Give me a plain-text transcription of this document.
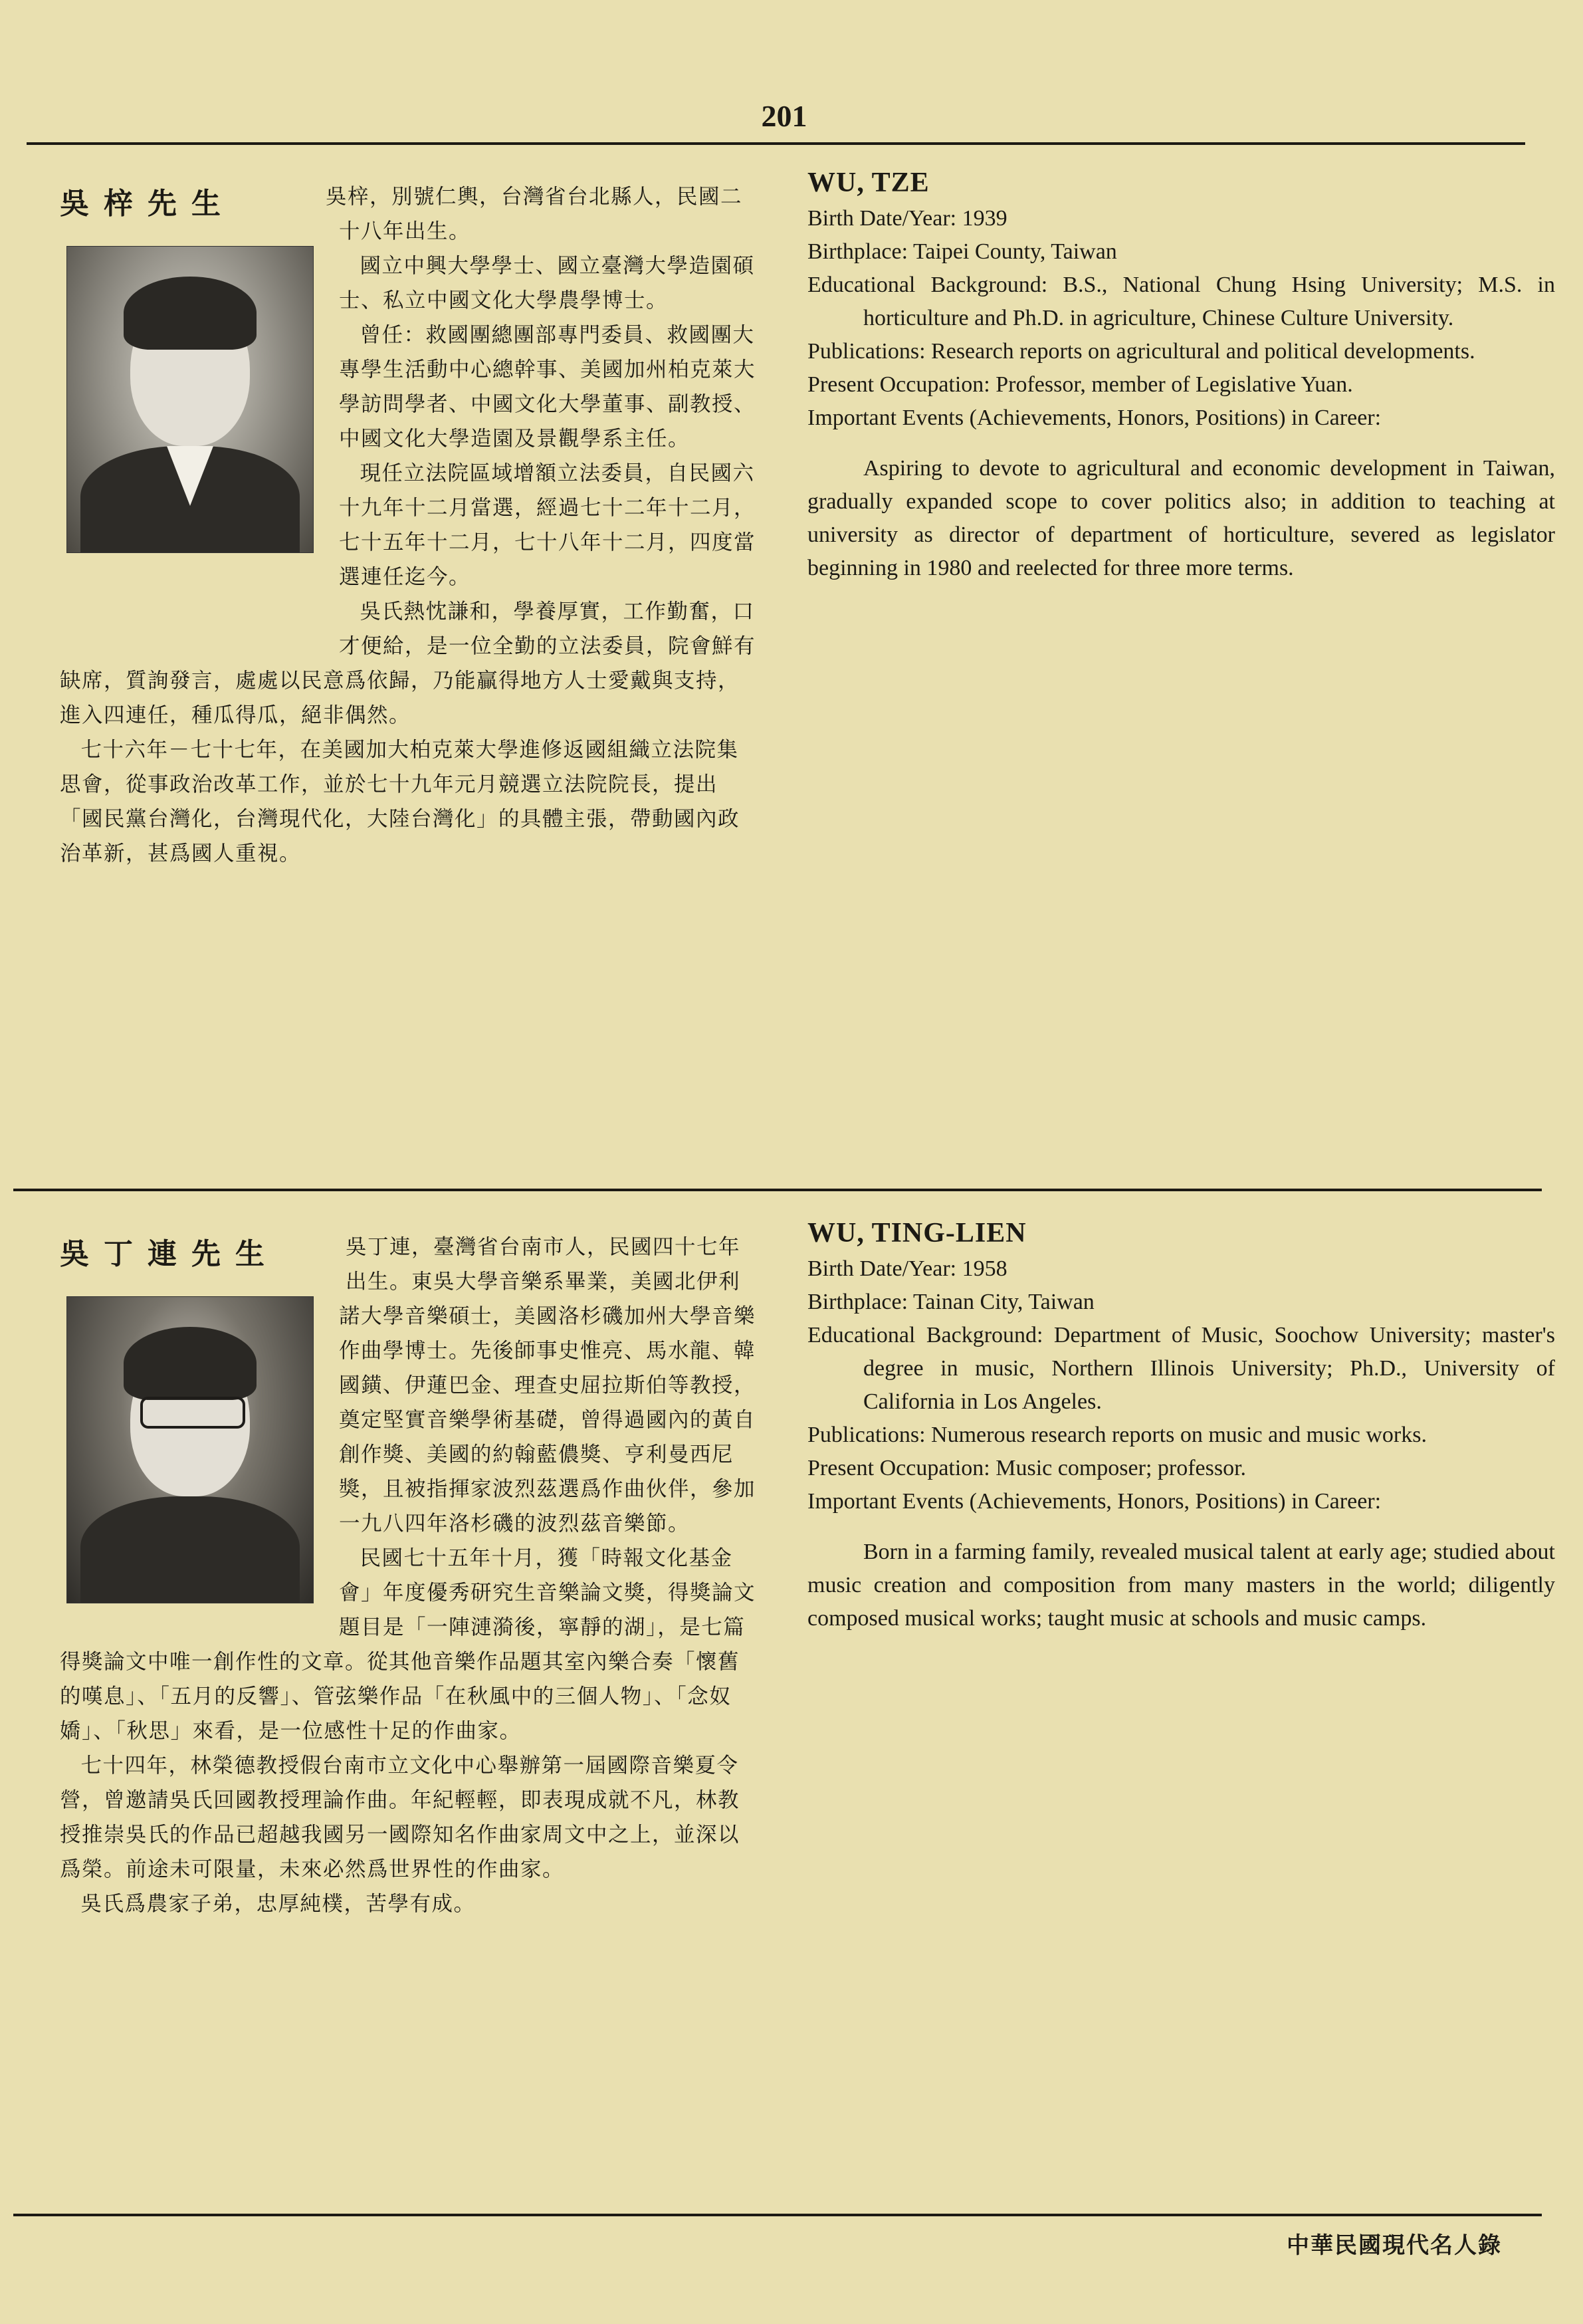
201
吳梓先生	吳梓，別號仁輿，台灣省台北縣人，民國二十八年出生。

國立中興大學學士、國立臺灣大學造園碩士、私立中國文化大學農學博士。

曾任：救國團總團部專門委員、救國團大專學生活動中心總幹事、美國加州柏克萊大學訪問學者、中國文化大學董事、副教授、中國文化大學造園及景觀學系主任。

現任立法院區域增額立法委員，自民國六十九年十二月當選，經過七十二年十二月，七十五年十二月，七十八年十二月，四度當選連任迄今。

吳氏熱忱謙和，學養厚實，工作勤奮，口才便給，是一位全勤的立法委員，院會鮮有缺席，質詢發言，處處以民意爲依歸，乃能贏得地方人士愛戴與支持，進入四連任，種瓜得瓜，絕非偶然。

七十六年－七十七年，在美國加大柏克萊大學進修返國組織立法院集思會，從事政治改革工作，並於七十九年元月競選立法院院長，提出「國民黨台灣化，台灣現代化，大陸台灣化」的具體主張，帶動國內政治革新，甚爲國人重視。

WU, TZE

Birth Date/Year: 1939

Birthplace: Taipei County, Taiwan

Educational Background: B.S., National Chung Hsing University; M.S. in horticulture and Ph.D. in agriculture, Chinese Culture University.

Publications: Research reports on agricultural and political developments.

Present Occupation: Professor, member of Legislative Yuan.

Important Events (Achievements, Honors, Positions) in Career:

Aspiring to devote to agricultural and economic development in Taiwan, gradually expanded scope to cover politics also; in addition to teaching at university as director of department of horticulture, severed as legislator beginning in 1980 and reelected for three more terms.

吳丁連先生	吳丁連，臺灣省台南市人，民國四十七年出生。東吳大學音樂系畢業，美國北伊利諾大學音樂碩士，美國洛杉磯加州大學音樂作曲學博士。先後師事史惟亮、馬水龍、韓國鐄、伊蓮巴金、理查史屈拉斯伯等教授，奠定堅實音樂學術基礎，曾得過國內的黃自創作獎、美國的約翰藍儂獎、亨利曼西尼獎，且被指揮家波烈茲選爲作曲伙伴，參加一九八四年洛杉磯的波烈茲音樂節。

民國七十五年十月，獲「時報文化基金會」年度優秀研究生音樂論文獎，得獎論文題目是「一陣漣漪後，寧靜的湖」，是七篇得獎論文中唯一創作性的文章。從其他音樂作品題其室內樂合奏「懷舊的嘆息」、「五月的反響」、管弦樂作品「在秋風中的三個人物」、「念奴嬌」、「秋思」來看，是一位感性十足的作曲家。

七十四年，林榮德教授假台南市立文化中心舉辦第一屆國際音樂夏令營，曾邀請吳氏回國教授理論作曲。年紀輕輕，即表現成就不凡，林教授推崇吳氏的作品已超越我國另一國際知名作曲家周文中之上，並深以爲榮。前途未可限量，未來必然爲世界性的作曲家。

吳氏爲農家子弟，忠厚純樸，苦學有成。

WU, TING-LIEN

Birth Date/Year: 1958

Birthplace: Tainan City, Taiwan

Educational Background: Department of Music, Soochow University; master's degree in music, Northern Illinois University; Ph.D., University of California in Los Angeles.

Publications: Numerous research reports on music and music works.

Present Occupation: Music composer; professor.

Important Events (Achievements, Honors, Positions) in Career:

Born in a farming family, revealed musical talent at early age; studied about music creation and composition from many masters in the world; diligently composed musical works; taught music at schools and music camps.

中華民國現代名人錄
